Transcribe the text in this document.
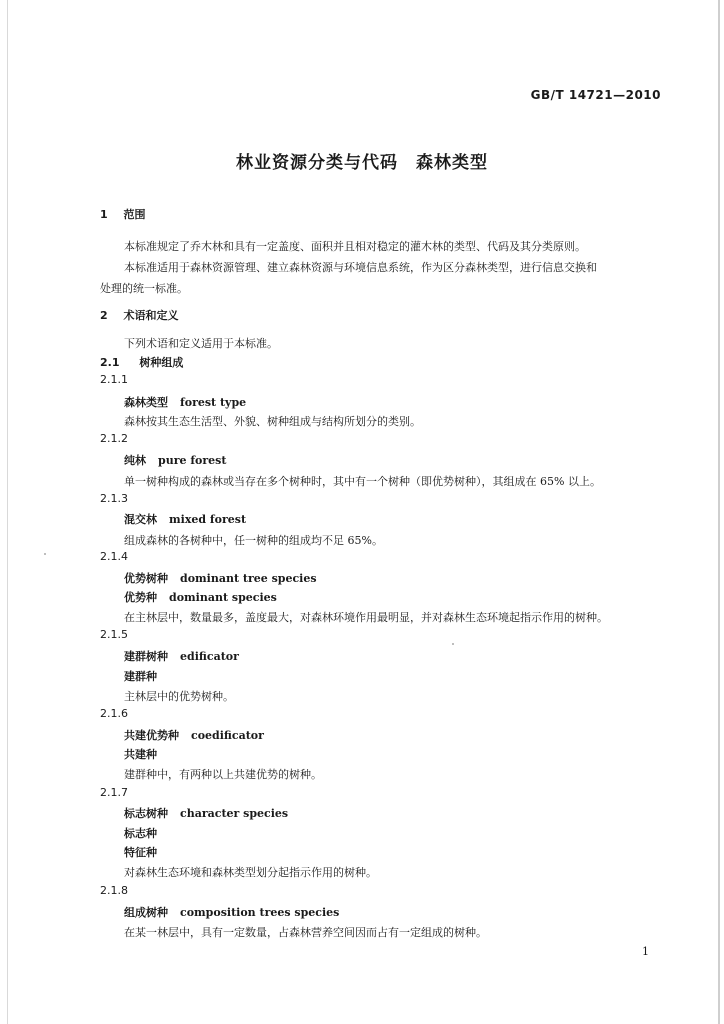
GB/T 14721—2010
林业资源分类与代码　森林类型
1 范围
本标准规定了乔木林和具有一定盖度、面积并且相对稳定的灌木林的类型、代码及其分类原则。
本标准适用于森林资源管理、建立森林资源与环境信息系统，作为区分森林类型，进行信息交换和
处理的统一标准。
2 术语和定义
下列术语和定义适用于本标准。
2.1 树种组成
2.1.1
森林类型 forest type
森林按其生态生活型、外貌、树种组成与结构所划分的类别。
2.1.2
纯林 pure forest
单一树种构成的森林或当存在多个树种时，其中有一个树种（即优势树种），其组成在 65% 以上。
2.1.3
混交林 mixed forest
组成森林的各树种中，任一树种的组成均不足 65%。
2.1.4
优势树种 dominant tree species
优势种 dominant species
在主林层中，数量最多，盖度最大，对森林环境作用最明显，并对森林生态环境起指示作用的树种。
2.1.5
建群树种 edificator
建群种
主林层中的优势树种。
2.1.6
共建优势种 coedificator
共建种
建群种中，有两种以上共建优势的树种。
2.1.7
标志树种 character species
标志种
特征种
对森林生态环境和森林类型划分起指示作用的树种。
2.1.8
组成树种 composition trees species
在某一林层中，具有一定数量，占森林营养空间因而占有一定组成的树种。
1
